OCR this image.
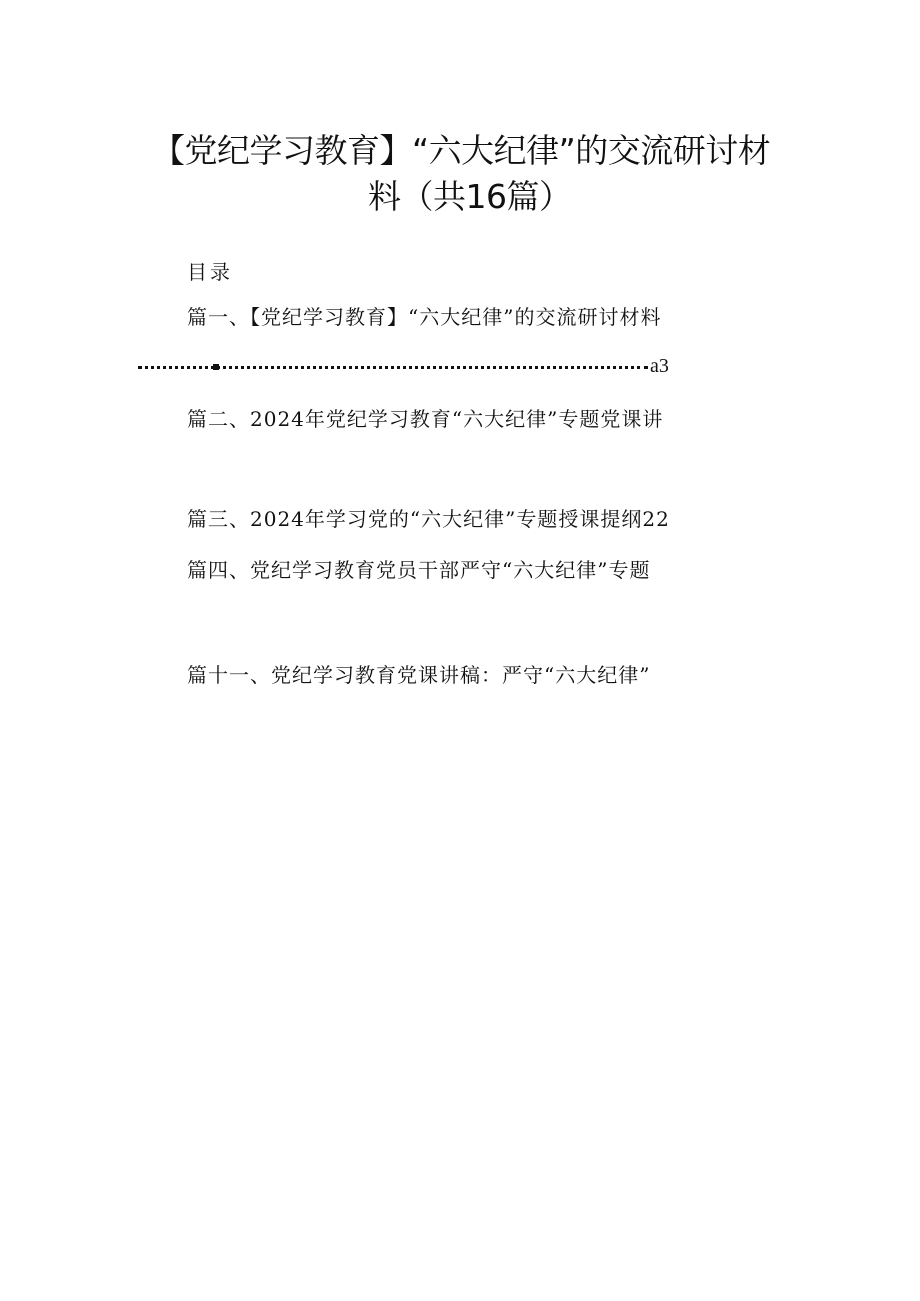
【党纪学习教育】“六大纪律”的交流研讨材
料（共16篇）
目录
篇一、【党纪学习教育】“六大纪律”的交流研讨材料
a3
篇二、2024年党纪学习教育“六大纪律”专题党课讲
篇三、2024年学习党的“六大纪律”专题授课提纲22
篇四、党纪学习教育党员干部严守“六大纪律”专题
篇十一、党纪学习教育党课讲稿：严守“六大纪律”
